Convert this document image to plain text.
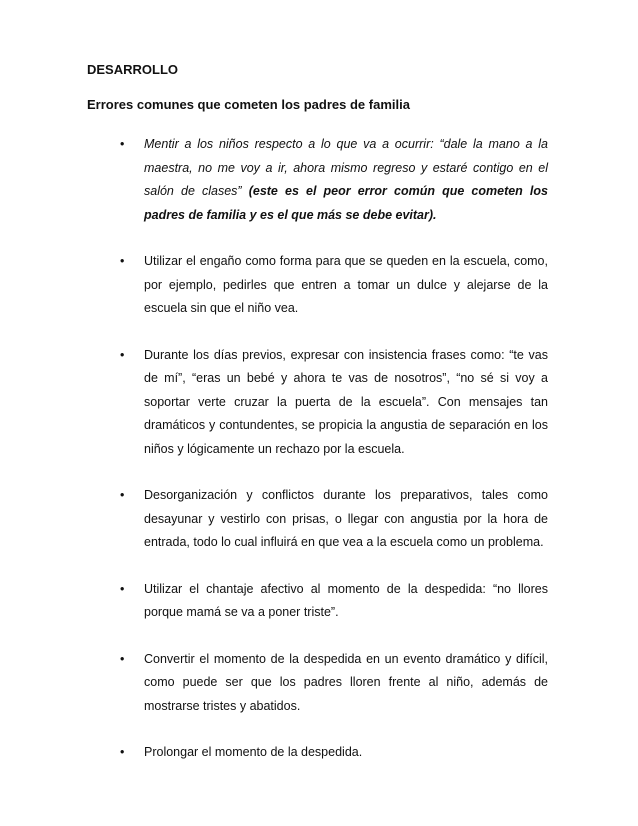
DESARROLLO
Errores comunes que cometen los padres de familia
• Mentir a los niños respecto a lo que va a ocurrir: “dale la mano a la maestra, no me voy a ir, ahora mismo regreso y estaré contigo en el salón de clases” (este es el peor error común que cometen los padres de familia y es el que más se debe evitar).
• Utilizar el engaño como forma para que se queden en la escuela, como, por ejemplo, pedirles que entren a tomar un dulce y alejarse de la escuela sin que el niño vea.
• Durante los días previos, expresar con insistencia frases como: “te vas de mí”, “eras un bebé y ahora te vas de nosotros”, “no sé si voy a soportar verte cruzar la puerta de la escuela”. Con mensajes tan dramáticos y contundentes, se propicia la angustia de separación en los niños y lógicamente un rechazo por la escuela.
• Desorganización y conflictos durante los preparativos, tales como desayunar y vestirlo con prisas, o llegar con angustia por la hora de entrada, todo lo cual influirá en que vea a la escuela como un problema.
• Utilizar el chantaje afectivo al momento de la despedida: “no llores porque mamá se va a poner triste”.
• Convertir el momento de la despedida en un evento dramático y difícil, como puede ser que los padres lloren frente al niño, además de mostrarse tristes y abatidos.
• Prolongar el momento de la despedida.
